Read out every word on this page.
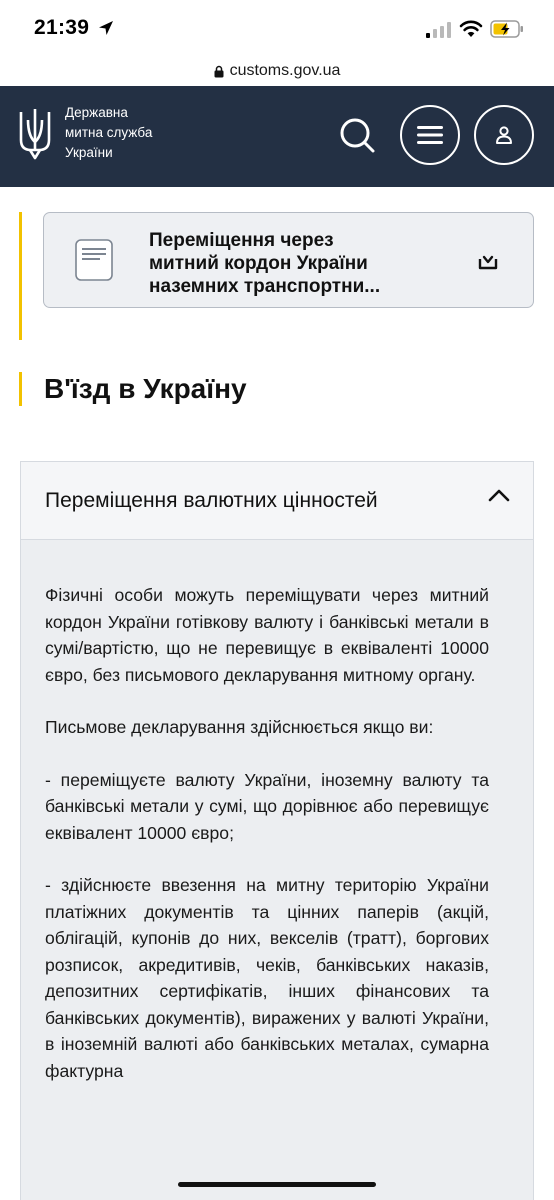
21:39
customs.gov.ua
Державна
митна служба
України
Переміщення через
митний кордон України
наземних транспортни...
В'їзд в Україну
Переміщення валютних цінностей

Фізичні особи можуть переміщувати через митний кордон України готівкову валюту і банківські метали в сумі/вартістю, що не перевищує в еквіваленті 10000 євро, без письмового декларування митному органу.

Письмове декларування здійснюється якщо ви:

- переміщуєте валюту України, іноземну валюту та банківські метали у сумі, що дорівнює або перевищує еквівалент 10000 євро;

- здійснюєте ввезення на митну територію України платіжних документів та цінних паперів (акцій, облігацій, купонів до них, векселів (тратт), боргових розписок, акредитивів, чеків, банківських наказів, депозитних сертифікатів, інших фінансових та банківських документів), виражених у валюті України, в іноземній валюті або банківських металах, сумарна фактурна
